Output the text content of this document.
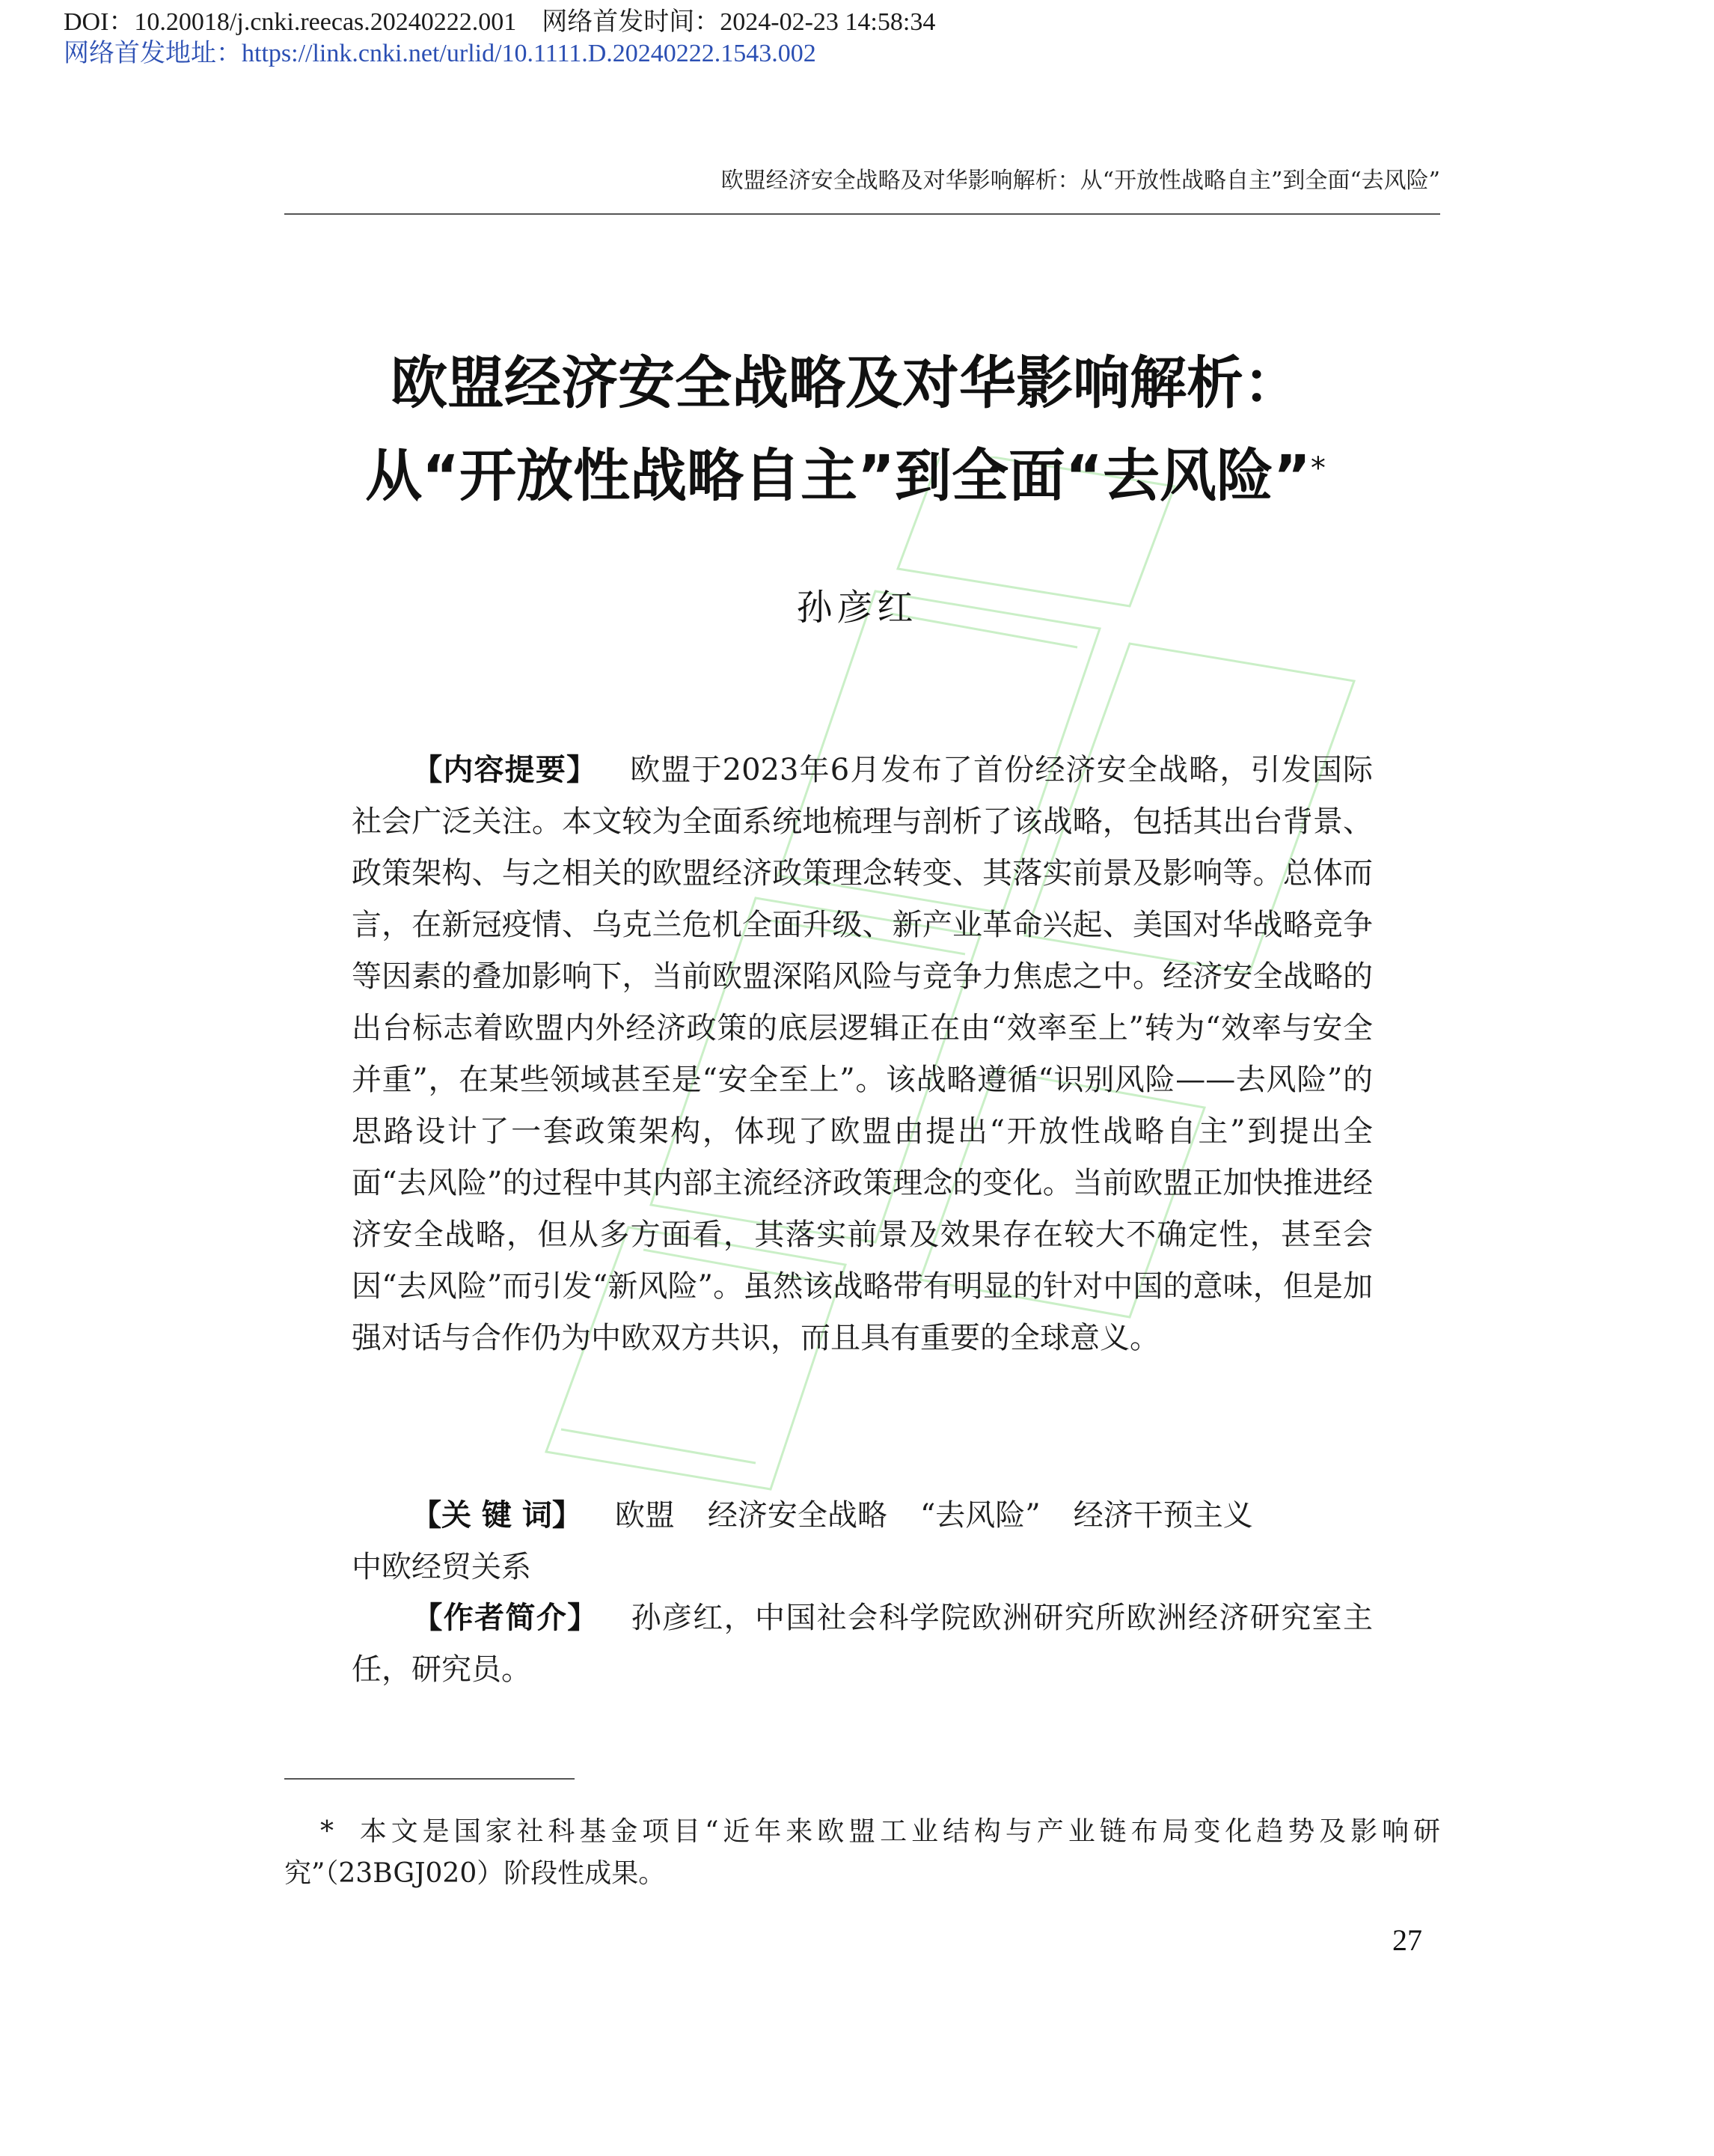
DOI：10.20018/j.cnki.reecas.20240222.001 网络首发时间：2024-02-23 14:58:34
网络首发地址：https://link.cnki.net/urlid/10.1111.D.20240222.1543.002
欧盟经济安全战略及对华影响解析：从“开放性战略自主”到全面“去风险”
欧盟经济安全战略及对华影响解析：
从“开放性战略自主”到全面“去风险”*
孙彦红
【内容提要】 欧盟于2023年6月发布了首份经济安全战略，引发国际社会广泛关注。本文较为全面系统地梳理与剖析了该战略，包括其出台背景、政策架构、与之相关的欧盟经济政策理念转变、其落实前景及影响等。总体而言，在新冠疫情、乌克兰危机全面升级、新产业革命兴起、美国对华战略竞争等因素的叠加影响下，当前欧盟深陷风险与竞争力焦虑之中。经济安全战略的出台标志着欧盟内外经济政策的底层逻辑正在由“效率至上”转为“效率与安全并重”，在某些领域甚至是“安全至上”。该战略遵循“识别风险——去风险”的思路设计了一套政策架构，体现了欧盟由提出“开放性战略自主”到提出全面“去风险”的过程中其内部主流经济政策理念的变化。当前欧盟正加快推进经济安全战略，但从多方面看，其落实前景及效果存在较大不确定性，甚至会因“去风险”而引发“新风险”。虽然该战略带有明显的针对中国的意味，但是加强对话与合作仍为中欧双方共识，而且具有重要的全球意义。
【关 键 词】 欧盟 经济安全战略 “去风险” 经济干预主义
中欧经贸关系
【作者简介】 孙彦红，中国社会科学院欧洲研究所欧洲经济研究室主任，研究员。
* 本文是国家社科基金项目“近年来欧盟工业结构与产业链布局变化趋势及影响研究”（23BGJ020）阶段性成果。
27
